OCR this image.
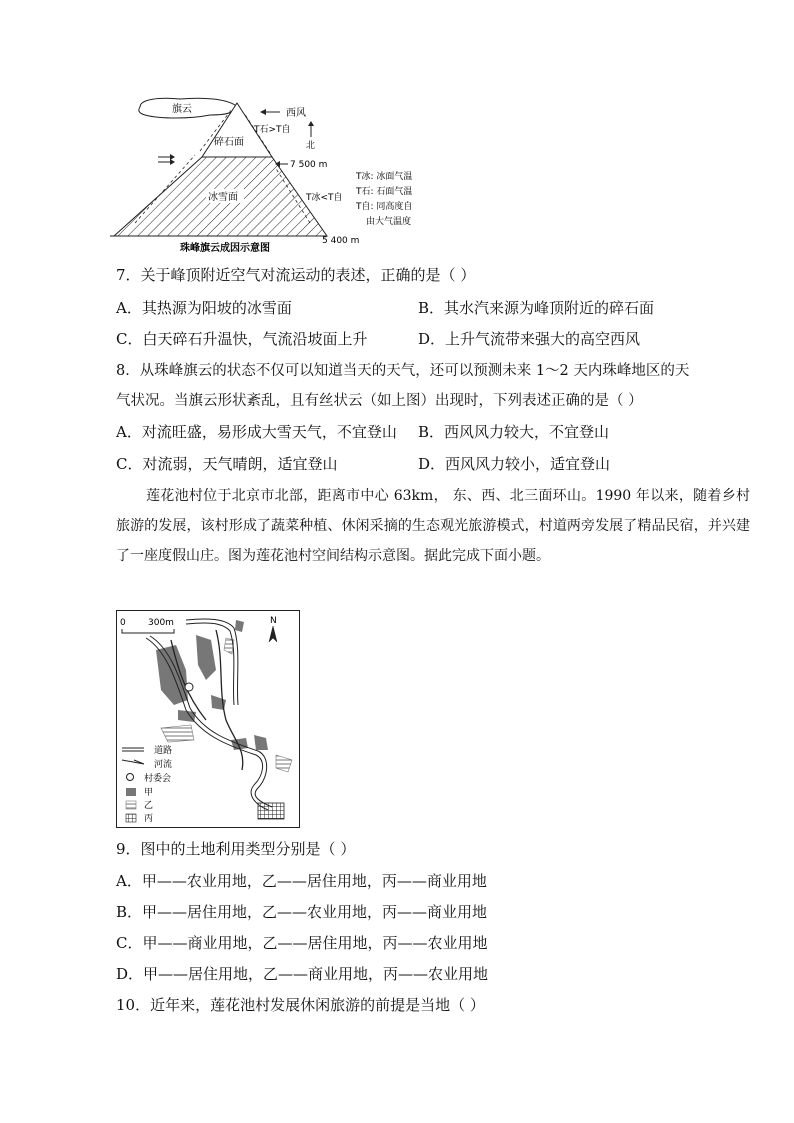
旗云
碎石面
冰雪面
西风
T石>T自
北
7 500 m
T冰<T自
T冰: 冰面气温
T石: 石面气温
T自: 同高度自
由大气温度
5 400 m
珠峰旗云成因示意图
7．关于峰顶附近空气对流运动的表述，正确的是（ ）
A．其热源为阳坡的冰雪面	B．其水汽来源为峰顶附近的碎石面
C．白天碎石升温快，气流沿坡面上升	D．上升气流带来强大的高空西风
8．从珠峰旗云的状态不仅可以知道当天的天气，还可以预测未来 1～2 天内珠峰地区的天
气状况。当旗云形状紊乱，且有丝状云（如上图）出现时，下列表述正确的是（ ）
A．对流旺盛，易形成大雪天气，不宜登山 B．西风风力较大，不宜登山
C．对流弱，天气晴朗，适宜登山	D．西风风力较小，适宜登山
莲花池村位于北京市北部，距离市中心 63km， 东、西、北三面环山。1990 年以来，随着乡村旅游的发展，该村形成了蔬菜种植、休闲采摘的生态观光旅游模式，村道两旁发展了精品民宿，并兴建了一座度假山庄。图为莲花池村空间结构示意图。据此完成下面小题。
0 300m	N
道路
河流
村委会
甲
乙
丙
9．图中的土地利用类型分别是（ ）
A．甲——农业用地，乙——居住用地，丙——商业用地
B．甲——居住用地，乙——农业用地，丙——商业用地
C．甲——商业用地，乙——居住用地，丙——农业用地
D．甲——居住用地，乙——商业用地，丙——农业用地
10．近年来，莲花池村发展休闲旅游的前提是当地（ ）
